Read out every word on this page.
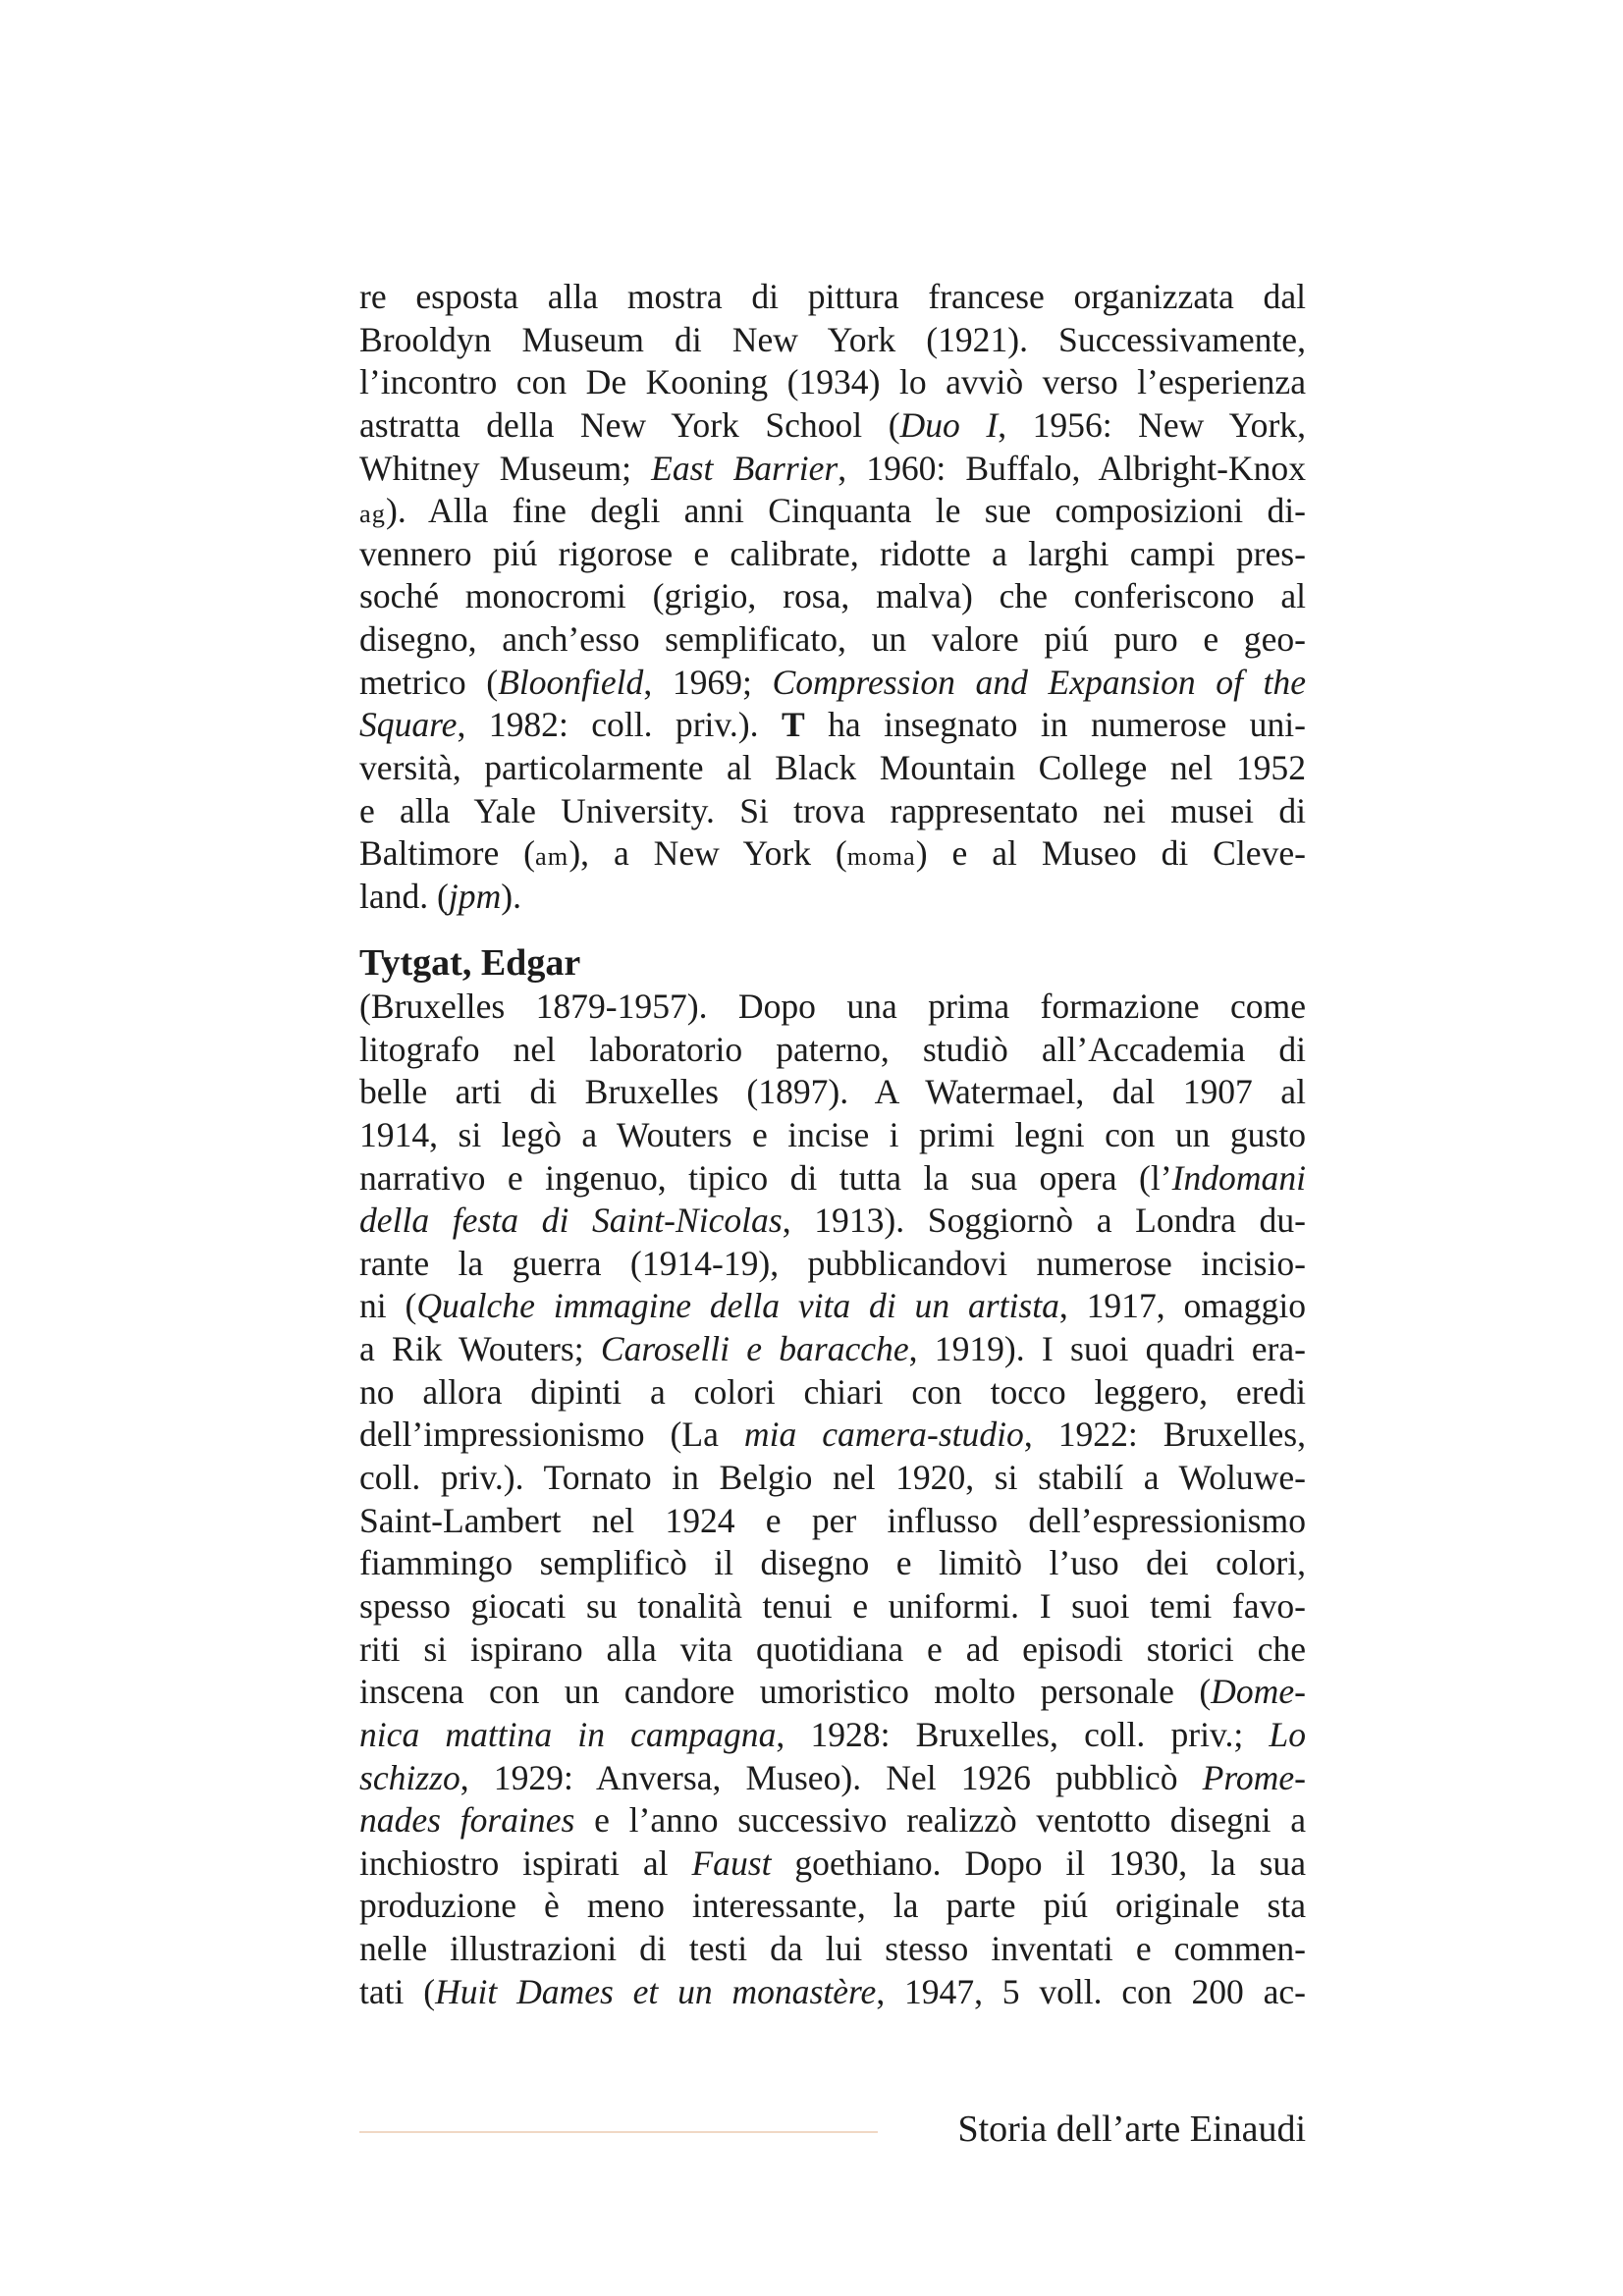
re esposta alla mostra di pittura francese organizzata dal
Brooldyn Museum di New York (1921). Successivamente,
l’incontro con De Kooning (1934) lo avviò verso l’esperienza
astratta della New York School (Duo I, 1956: New York,
Whitney Museum; East Barrier, 1960: Buffalo, Albright-Knox
ag). Alla fine degli anni Cinquanta le sue composizioni di-
vennero piú rigorose e calibrate, ridotte a larghi campi pres-
soché monocromi (grigio, rosa, malva) che conferiscono al
disegno, anch’esso semplificato, un valore piú puro e geo-
metrico (Bloonfield, 1969; Compression and Expansion of the
Square, 1982: coll. priv.). T ha insegnato in numerose uni-
versità, particolarmente al Black Mountain College nel 1952
e alla Yale University. Si trova rappresentato nei musei di
Baltimore (am), a New York (moma) e al Museo di Cleve-
land. (jpm).
Tytgat, Edgar
(Bruxelles 1879-1957). Dopo una prima formazione come
litografo nel laboratorio paterno, studiò all’Accademia di
belle arti di Bruxelles (1897). A Watermael, dal 1907 al
1914, si legò a Wouters e incise i primi legni con un gusto
narrativo e ingenuo, tipico di tutta la sua opera (l’Indomani
della festa di Saint-Nicolas, 1913). Soggiornò a Londra du-
rante la guerra (1914-19), pubblicandovi numerose incisio-
ni (Qualche immagine della vita di un artista, 1917, omaggio
a Rik Wouters; Caroselli e baracche, 1919). I suoi quadri era-
no allora dipinti a colori chiari con tocco leggero, eredi
dell’impressionismo (La mia camera-studio, 1922: Bruxelles,
coll. priv.). Tornato in Belgio nel 1920, si stabilí a Woluwe-
Saint-Lambert nel 1924 e per influsso dell’espressionismo
fiammingo semplificò il disegno e limitò l’uso dei colori,
spesso giocati su tonalità tenui e uniformi. I suoi temi favo-
riti si ispirano alla vita quotidiana e ad episodi storici che
inscena con un candore umoristico molto personale (Dome-
nica mattina in campagna, 1928: Bruxelles, coll. priv.; Lo
schizzo, 1929: Anversa, Museo). Nel 1926 pubblicò Prome-
nades foraines e l’anno successivo realizzò ventotto disegni a
inchiostro ispirati al Faust goethiano. Dopo il 1930, la sua
produzione è meno interessante, la parte piú originale sta
nelle illustrazioni di testi da lui stesso inventati e commen-
tati (Huit Dames et un monastère, 1947, 5 voll. con 200 ac-
Storia dell’arte Einaudi
